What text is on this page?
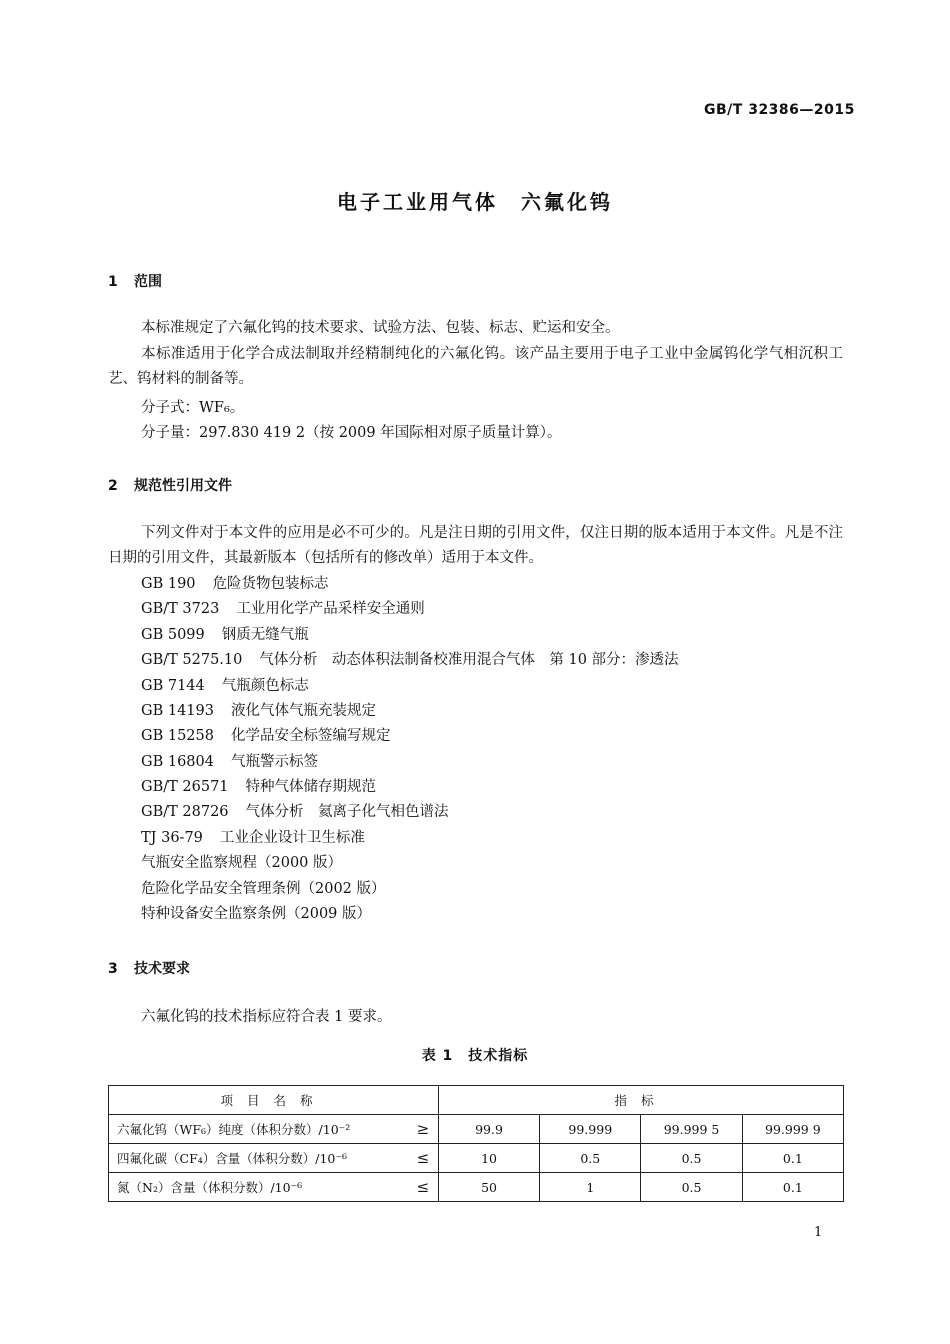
GB/T 32386—2015
电子工业用气体　六氟化钨
1 范围
本标准规定了六氟化钨的技术要求、试验方法、包装、标志、贮运和安全。
本标准适用于化学合成法制取并经精制纯化的六氟化钨。该产品主要用于电子工业中金属钨化学气相沉积工艺、钨材料的制备等。
分子式：WF₆。
分子量：297.830 419 2（按 2009 年国际相对原子质量计算）。
2 规范性引用文件
下列文件对于本文件的应用是必不可少的。凡是注日期的引用文件，仅注日期的版本适用于本文件。凡是不注日期的引用文件，其最新版本（包括所有的修改单）适用于本文件。
GB 190 危险货物包装标志
GB/T 3723 工业用化学产品采样安全通则
GB 5099 钢质无缝气瓶
GB/T 5275.10 气体分析　动态体积法制备校准用混合气体　第 10 部分：渗透法
GB 7144 气瓶颜色标志
GB 14193 液化气体气瓶充装规定
GB 15258 化学品安全标签编写规定
GB 16804 气瓶警示标签
GB/T 26571 特种气体储存期规范
GB/T 28726 气体分析　氦离子化气相色谱法
TJ 36-79 工业企业设计卫生标准
气瓶安全监察规程（2000 版）
危险化学品安全管理条例（2002 版）
特种设备安全监察条例（2009 版）
3 技术要求
六氟化钨的技术指标应符合表 1 要求。
表 1　技术指标
项目名称		指标			
六氟化钨（WF₆）纯度（体积分数）/10⁻²	≥	99.9	99.999	99.999 5	99.999 9
四氟化碳（CF₄）含量（体积分数）/10⁻⁶	≤	10	0.5	0.5	0.1
氮（N₂）含量（体积分数）/10⁻⁶	≤	50	1	0.5	0.1
1
